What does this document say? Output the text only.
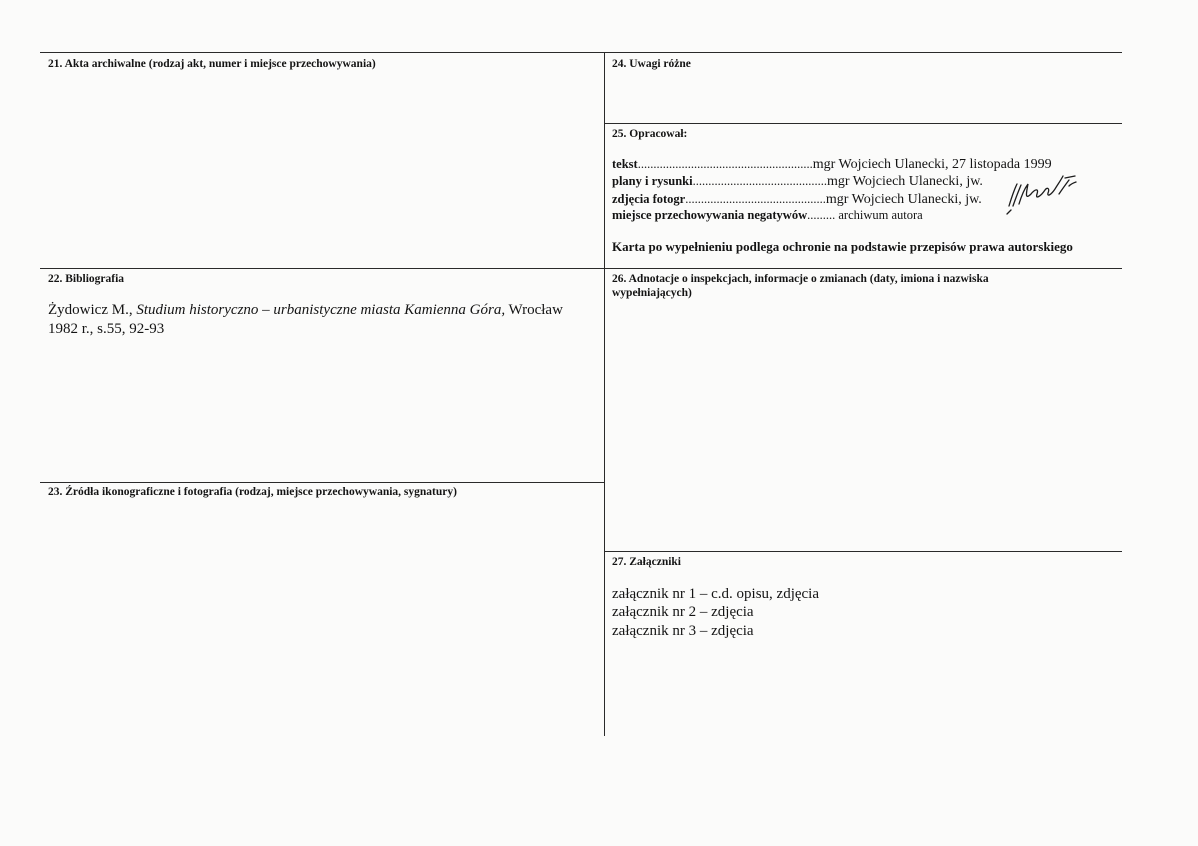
21. Akta archiwalne (rodzaj akt, numer i miejsce przechowywania)	24. Uwagi różne
25. Opracował:
tekst........................................................mgr Wojciech Ulanecki, 27 listopada 1999
plany i rysunki...........................................mgr Wojciech Ulanecki, jw.
zdjęcia fotogr.............................................mgr Wojciech Ulanecki, jw.
miejsce przechowywania negatywów......... archiwum autora
Karta po wypełnieniu podlega ochronie na podstawie przepisów prawa autorskiego
22. Bibliografia
Żydowicz M., Studium historyczno – urbanistyczne miasta Kamienna Góra, Wrocław
1982 r., s.55, 92-93
26. Adnotacje o inspekcjach, informacje o zmianach (daty, imiona i nazwiska
wypełniających)
23. Źródła ikonograficzne i fotografia (rodzaj, miejsce przechowywania, sygnatury)
27. Załączniki
załącznik nr 1 – c.d. opisu, zdjęcia
załącznik nr 2 – zdjęcia
załącznik nr 3 – zdjęcia
